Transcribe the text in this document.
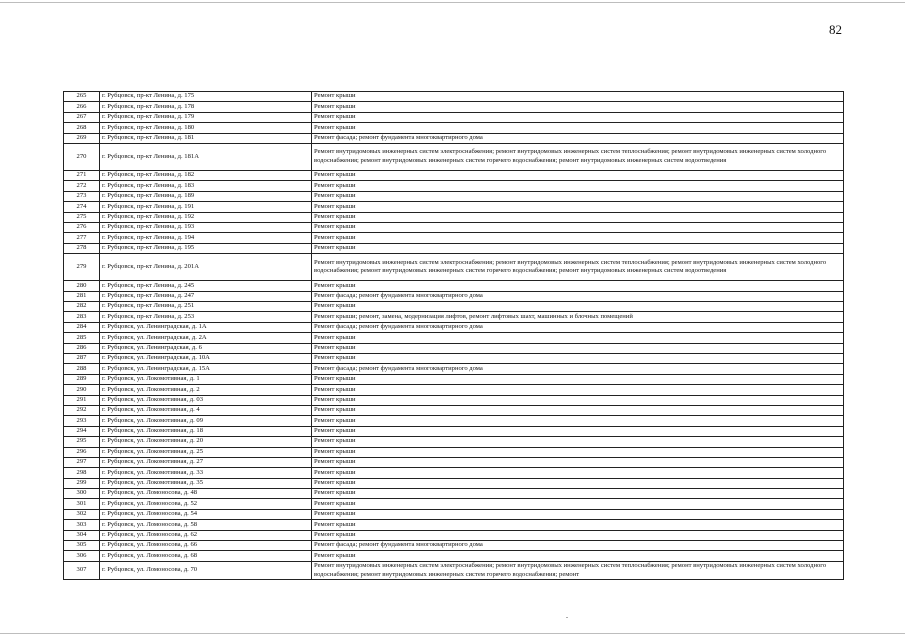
82
265	г. Рубцовск, пр-кт Ленина, д. 175	Ремонт крыши
266	г. Рубцовск, пр-кт Ленина, д. 178	Ремонт крыши
267	г. Рубцовск, пр-кт Ленина, д. 179	Ремонт крыши
268	г. Рубцовск, пр-кт Ленина, д. 180	Ремонт крыши
269	г. Рубцовск, пр-кт Ленина, д. 181	Ремонт фасада; ремонт фундамента многоквартирного дома
270	г. Рубцовск, пр-кт Ленина, д. 181А	Ремонт внутридомовых инженерных систем электроснабжения; ремонт внутридомовых инженерных систем теплоснабжения; ремонт внутридомовых инженерных систем холодного водоснабжения; ремонт внутридомовых инженерных систем горячего водоснабжения; ремонт внутридомовых инженерных систем водоотведения
271	г. Рубцовск, пр-кт Ленина, д. 182	Ремонт крыши
272	г. Рубцовск, пр-кт Ленина, д. 183	Ремонт крыши
273	г. Рубцовск, пр-кт Ленина, д. 189	Ремонт крыши
274	г. Рубцовск, пр-кт Ленина, д. 191	Ремонт крыши
275	г. Рубцовск, пр-кт Ленина, д. 192	Ремонт крыши
276	г. Рубцовск, пр-кт Ленина, д. 193	Ремонт крыши
277	г. Рубцовск, пр-кт Ленина, д. 194	Ремонт крыши
278	г. Рубцовск, пр-кт Ленина, д. 195	Ремонт крыши
279	г. Рубцовск, пр-кт Ленина, д. 201А	Ремонт внутридомовых инженерных систем электроснабжения; ремонт внутридомовых инженерных систем теплоснабжения; ремонт внутридомовых инженерных систем холодного водоснабжения; ремонт внутридомовых инженерных систем горячего водоснабжения; ремонт внутридомовых инженерных систем водоотведения
280	г. Рубцовск, пр-кт Ленина, д. 245	Ремонт крыши
281	г. Рубцовск, пр-кт Ленина, д. 247	Ремонт фасада; ремонт фундамента многоквартирного дома
282	г. Рубцовск, пр-кт Ленина, д. 251	Ремонт крыши
283	г. Рубцовск, пр-кт Ленина, д. 253	Ремонт крыши; ремонт, замена, модернизация лифтов, ремонт лифтовых шахт, машинных и блочных помещений
284	г. Рубцовск, ул. Ленинградская, д. 1А	Ремонт фасада; ремонт фундамента многоквартирного дома
285	г. Рубцовск, ул. Ленинградская, д. 2А	Ремонт крыши
286	г. Рубцовск, ул. Ленинградская, д. 6	Ремонт крыши
287	г. Рубцовск, ул. Ленинградская, д. 10А	Ремонт крыши
288	г. Рубцовск, ул. Ленинградская, д. 15А	Ремонт фасада; ремонт фундамента многоквартирного дома
289	г. Рубцовск, ул. Локомотивная, д. 1	Ремонт крыши
290	г. Рубцовск, ул. Локомотивная, д. 2	Ремонт крыши
291	г. Рубцовск, ул. Локомотивная, д. 03	Ремонт крыши
292	г. Рубцовск, ул. Локомотивная, д. 4	Ремонт крыши
293	г. Рубцовск, ул. Локомотивная, д. 09	Ремонт крыши
294	г. Рубцовск, ул. Локомотивная, д. 18	Ремонт крыши
295	г. Рубцовск, ул. Локомотивная, д. 20	Ремонт крыши
296	г. Рубцовск, ул. Локомотивная, д. 25	Ремонт крыши
297	г. Рубцовск, ул. Локомотивная, д. 27	Ремонт крыши
298	г. Рубцовск, ул. Локомотивная, д. 33	Ремонт крыши
299	г. Рубцовск, ул. Локомотивная, д. 35	Ремонт крыши
300	г. Рубцовск, ул. Ломоносова, д. 48	Ремонт крыши
301	г. Рубцовск, ул. Ломоносова, д. 52	Ремонт крыши
302	г. Рубцовск, ул. Ломоносова, д. 54	Ремонт крыши
303	г. Рубцовск, ул. Ломоносова, д. 58	Ремонт крыши
304	г. Рубцовск, ул. Ломоносова, д. 62	Ремонт крыши
305	г. Рубцовск, ул. Ломоносова, д. 66	Ремонт фасада; ремонт фундамента многоквартирного дома
306	г. Рубцовск, ул. Ломоносова, д. 68	Ремонт крыши
307	г. Рубцовск, ул. Ломоносова, д. 70	Ремонт внутридомовых инженерных систем электроснабжения; ремонт внутридомовых инженерных систем теплоснабжения; ремонт внутридомовых инженерных систем холодного водоснабжения; ремонт внутридомовых инженерных систем горячего водоснабжения; ремонт
